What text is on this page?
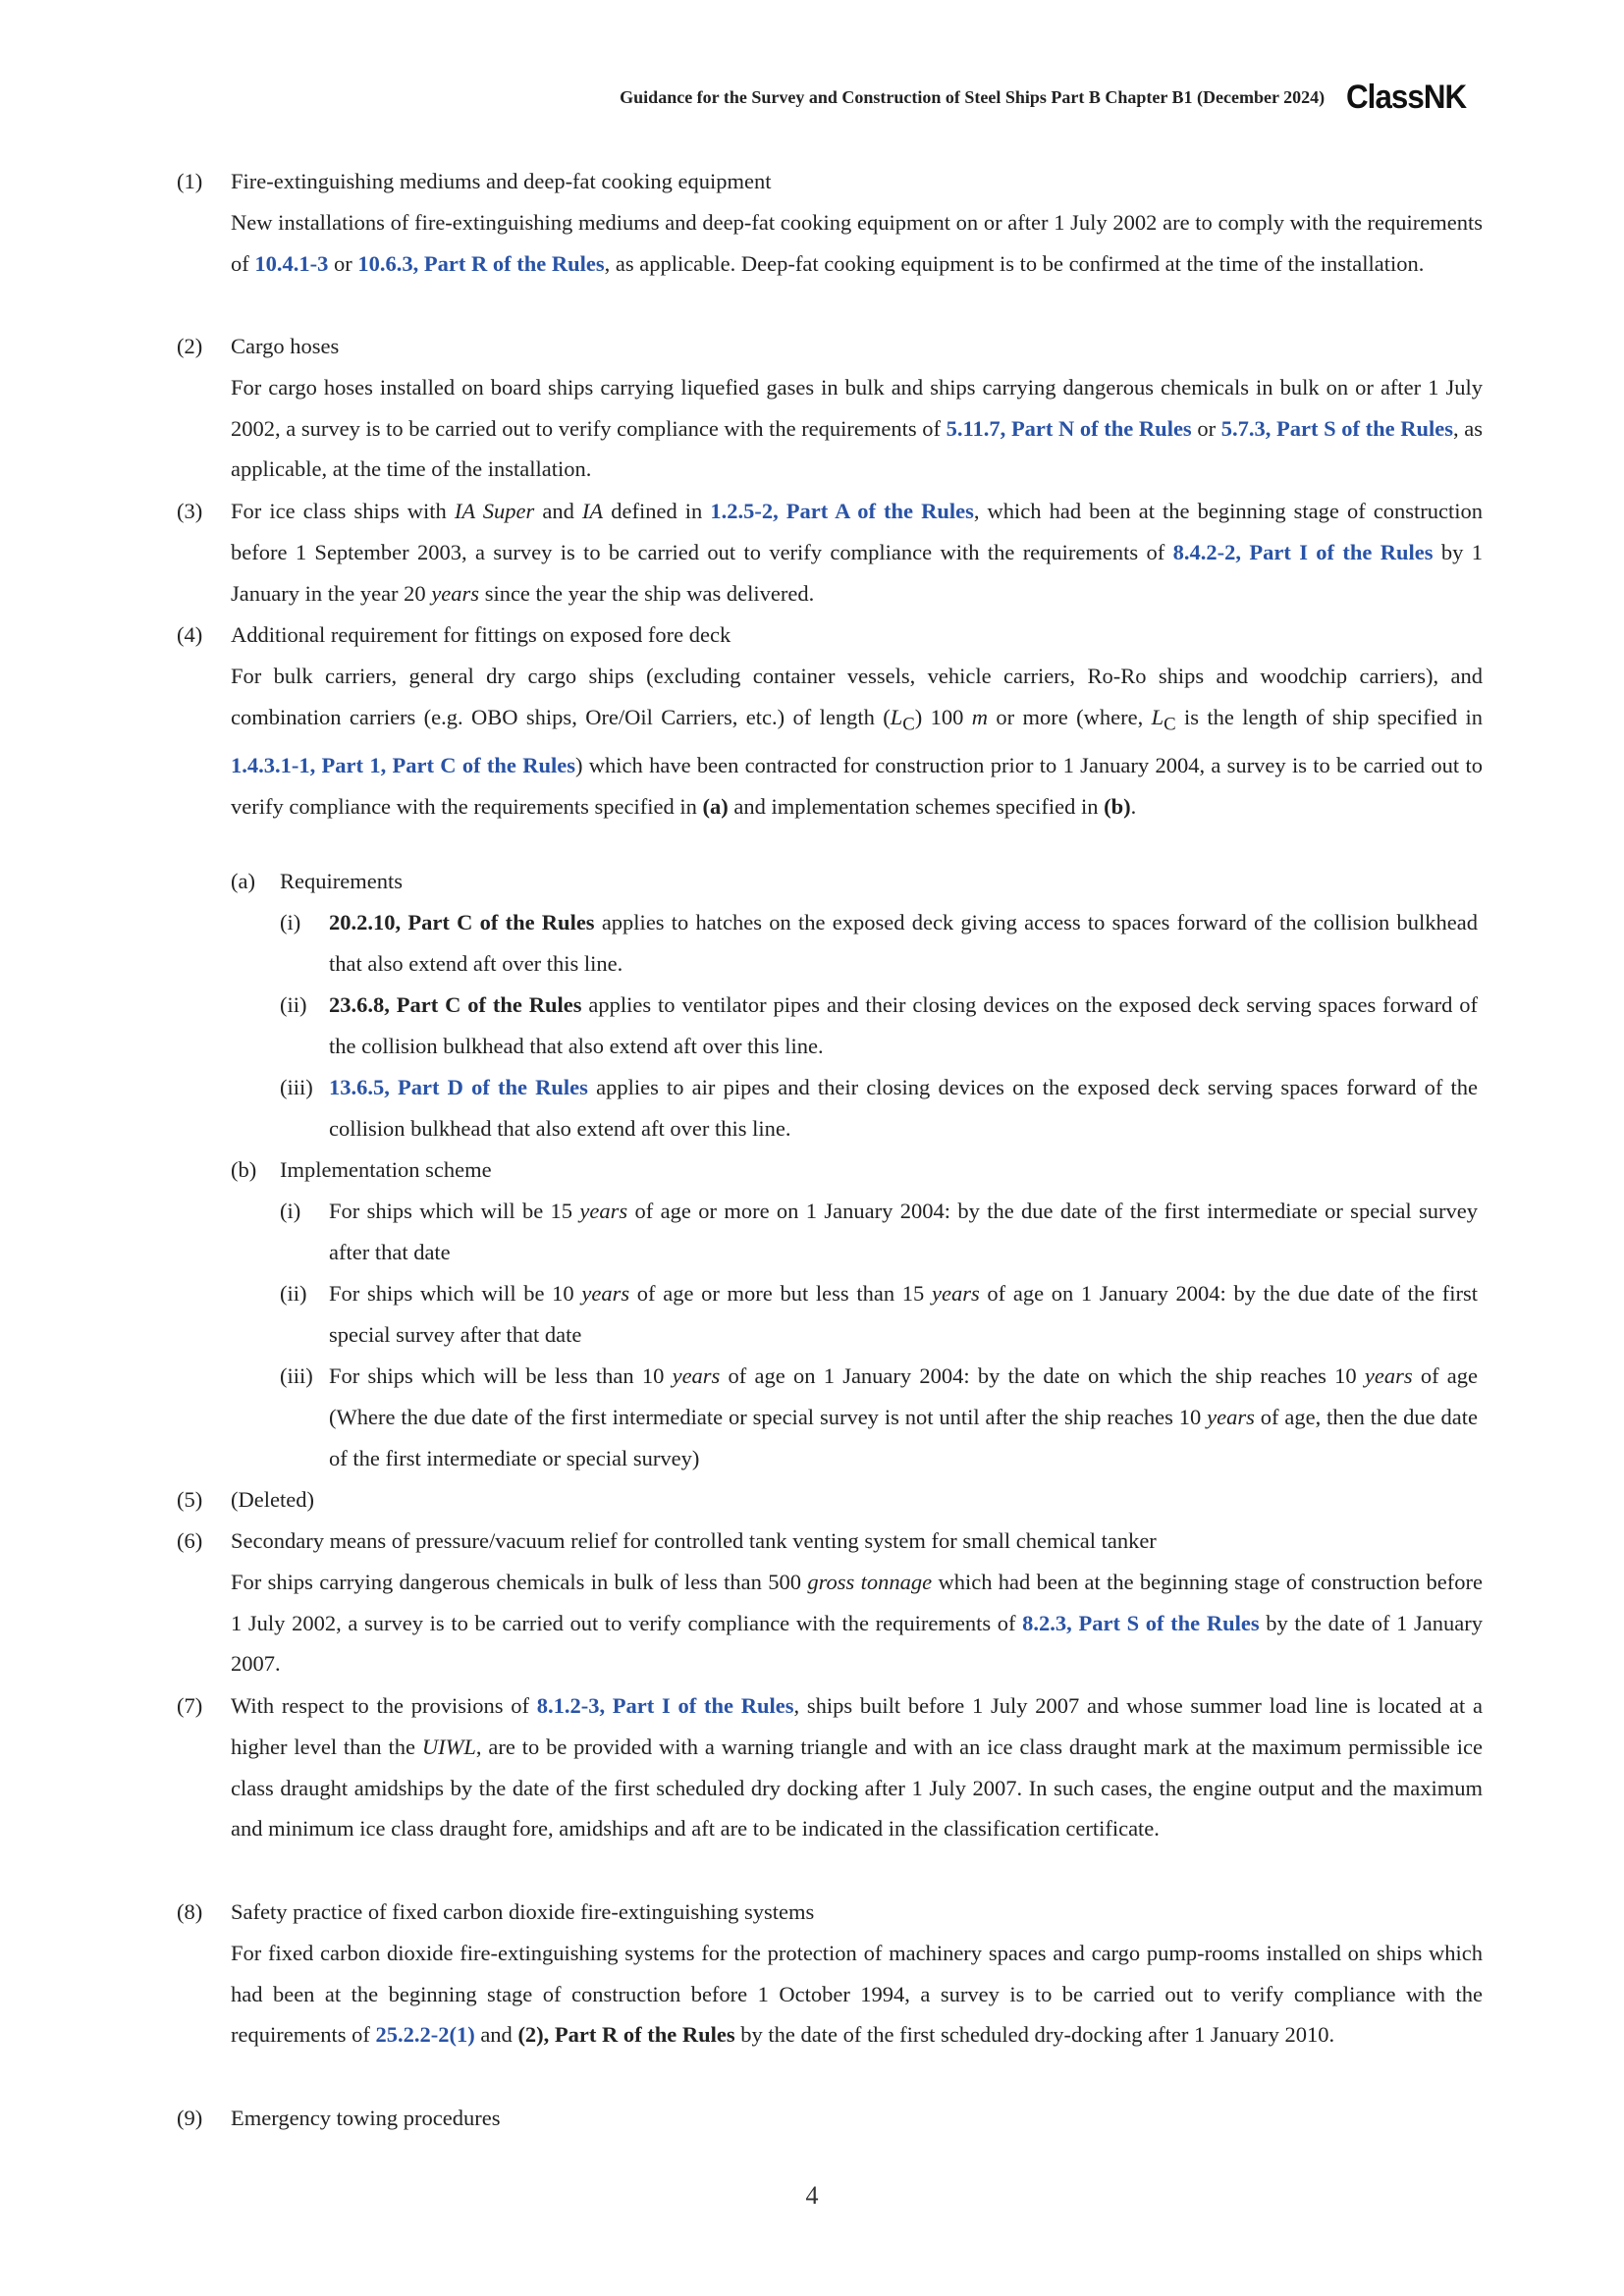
Guidance for the Survey and Construction of Steel Ships Part B Chapter B1 (December 2024) ClassNK
(1) Fire-extinguishing mediums and deep-fat cooking equipment
New installations of fire-extinguishing mediums and deep-fat cooking equipment on or after 1 July 2002 are to comply with the requirements of 10.4.1-3 or 10.6.3, Part R of the Rules, as applicable. Deep-fat cooking equipment is to be confirmed at the time of the installation.
(2) Cargo hoses
For cargo hoses installed on board ships carrying liquefied gases in bulk and ships carrying dangerous chemicals in bulk on or after 1 July 2002, a survey is to be carried out to verify compliance with the requirements of 5.11.7, Part N of the Rules or 5.7.3, Part S of the Rules, as applicable, at the time of the installation.
(3) For ice class ships with IA Super and IA defined in 1.2.5-2, Part A of the Rules, which had been at the beginning stage of construction before 1 September 2003, a survey is to be carried out to verify compliance with the requirements of 8.4.2-2, Part I of the Rules by 1 January in the year 20 years since the year the ship was delivered.
(4) Additional requirement for fittings on exposed fore deck
For bulk carriers, general dry cargo ships (excluding container vessels, vehicle carriers, Ro-Ro ships and woodchip carriers), and combination carriers (e.g. OBO ships, Ore/Oil Carriers, etc.) of length $(L_C)$ 100 m or more (where, $L_C$ is the length of ship specified in 1.4.3.1-1, Part 1, Part C of the Rules) which have been contracted for construction prior to 1 January 2004, a survey is to be carried out to verify compliance with the requirements specified in (a) and implementation schemes specified in (b).
(a) Requirements
(i) 20.2.10, Part C of the Rules applies to hatches on the exposed deck giving access to spaces forward of the collision bulkhead that also extend aft over this line.
(ii) 23.6.8, Part C of the Rules applies to ventilator pipes and their closing devices on the exposed deck serving spaces forward of the collision bulkhead that also extend aft over this line.
(iii) 13.6.5, Part D of the Rules applies to air pipes and their closing devices on the exposed deck serving spaces forward of the collision bulkhead that also extend aft over this line.
(b) Implementation scheme
(i) For ships which will be 15 years of age or more on 1 January 2004: by the due date of the first intermediate or special survey after that date
(ii) For ships which will be 10 years of age or more but less than 15 years of age on 1 January 2004: by the due date of the first special survey after that date
(iii) For ships which will be less than 10 years of age on 1 January 2004: by the date on which the ship reaches 10 years of age (Where the due date of the first intermediate or special survey is not until after the ship reaches 10 years of age, then the due date of the first intermediate or special survey)
(5) (Deleted)
(6) Secondary means of pressure/vacuum relief for controlled tank venting system for small chemical tanker
For ships carrying dangerous chemicals in bulk of less than 500 gross tonnage which had been at the beginning stage of construction before 1 July 2002, a survey is to be carried out to verify compliance with the requirements of 8.2.3, Part S of the Rules by the date of 1 January 2007.
(7) With respect to the provisions of 8.1.2-3, Part I of the Rules, ships built before 1 July 2007 and whose summer load line is located at a higher level than the UIWL, are to be provided with a warning triangle and with an ice class draught mark at the maximum permissible ice class draught amidships by the date of the first scheduled dry docking after 1 July 2007. In such cases, the engine output and the maximum and minimum ice class draught fore, amidships and aft are to be indicated in the classification certificate.
(8) Safety practice of fixed carbon dioxide fire-extinguishing systems
For fixed carbon dioxide fire-extinguishing systems for the protection of machinery spaces and cargo pump-rooms installed on ships which had been at the beginning stage of construction before 1 October 1994, a survey is to be carried out to verify compliance with the requirements of 25.2.2-2(1) and (2), Part R of the Rules by the date of the first scheduled dry-docking after 1 January 2010.
(9) Emergency towing procedures
4
